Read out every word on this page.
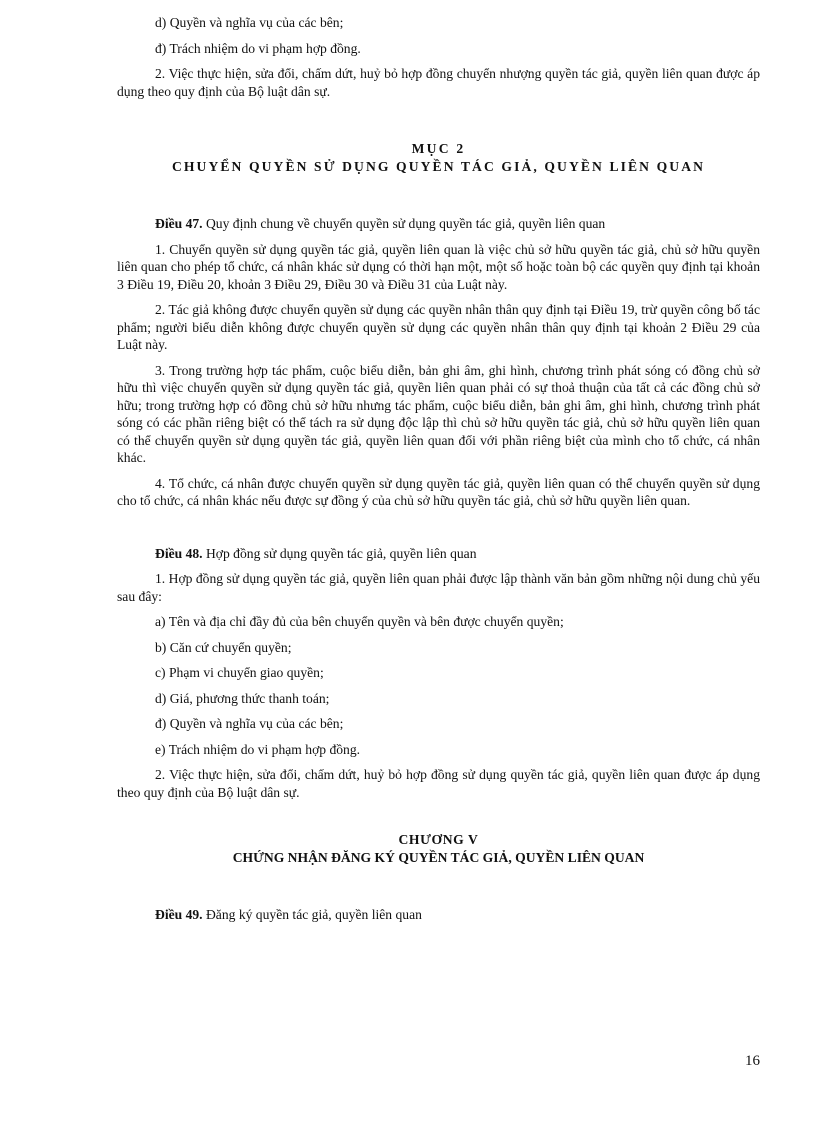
d) Quyền và nghĩa vụ của các bên;

đ) Trách nhiệm do vi phạm hợp đồng.

2. Việc thực hiện, sửa đổi, chấm dứt, huỷ bỏ hợp đồng chuyển nhượng quyền tác giả, quyền liên quan được áp dụng theo quy định của Bộ luật dân sự.

MỤC 2

CHUYỂN QUYỀN SỬ DỤNG QUYỀN TÁC GIẢ, QUYỀN LIÊN QUAN

Điều 47. Quy định chung về chuyển quyền sử dụng quyền tác giả, quyền liên quan

1. Chuyển quyền sử dụng quyền tác giả, quyền liên quan là việc chủ sở hữu quyền tác giả, chủ sở hữu quyền liên quan cho phép tổ chức, cá nhân khác sử dụng có thời hạn một, một số hoặc toàn bộ các quyền quy định tại khoản 3 Điều 19, Điều 20, khoản 3 Điều 29, Điều 30 và Điều 31 của Luật này.

2. Tác giả không được chuyển quyền sử dụng các quyền nhân thân quy định tại Điều 19, trừ quyền công bố tác phẩm; người biểu diễn không được chuyển quyền sử dụng các quyền nhân thân quy định tại khoản 2 Điều 29 của Luật này.

3. Trong trường hợp tác phẩm, cuộc biểu diễn, bản ghi âm, ghi hình, chương trình phát sóng có đồng chủ sở hữu thì việc chuyển quyền sử dụng quyền tác giả, quyền liên quan phải có sự thoả thuận của tất cả các đồng chủ sở hữu; trong trường hợp có đồng chủ sở hữu nhưng tác phẩm, cuộc biểu diễn, bản ghi âm, ghi hình, chương trình phát sóng có các phần riêng biệt có thể tách ra sử dụng độc lập thì chủ sở hữu quyền tác giả, chủ sở hữu quyền liên quan có thể chuyển quyền sử dụng quyền tác giả, quyền liên quan đối với phần riêng biệt của mình cho tổ chức, cá nhân khác.

4. Tổ chức, cá nhân được chuyển quyền sử dụng quyền tác giả, quyền liên quan có thể chuyển quyền sử dụng cho tổ chức, cá nhân khác nếu được sự đồng ý của chủ sở hữu quyền tác giả, chủ sở hữu quyền liên quan.

Điều 48. Hợp đồng sử dụng quyền tác giả, quyền liên quan

1. Hợp đồng sử dụng quyền tác giả, quyền liên quan phải được lập thành văn bản gồm những nội dung chủ yếu sau đây:

a) Tên và địa chỉ đầy đủ của bên chuyển quyền và bên được chuyển quyền;

b) Căn cứ chuyển quyền;

c) Phạm vi chuyển giao quyền;

d) Giá, phương thức thanh toán;

đ) Quyền và nghĩa vụ của các bên;

e) Trách nhiệm do vi phạm hợp đồng.

2. Việc thực hiện, sửa đổi, chấm dứt, huỷ bỏ hợp đồng sử dụng quyền tác giả, quyền liên quan được áp dụng theo quy định của Bộ luật dân sự.

CHƯƠNG V

CHỨNG NHẬN ĐĂNG KÝ QUYỀN TÁC GIẢ, QUYỀN LIÊN QUAN

Điều 49. Đăng ký quyền tác giả, quyền liên quan

16
